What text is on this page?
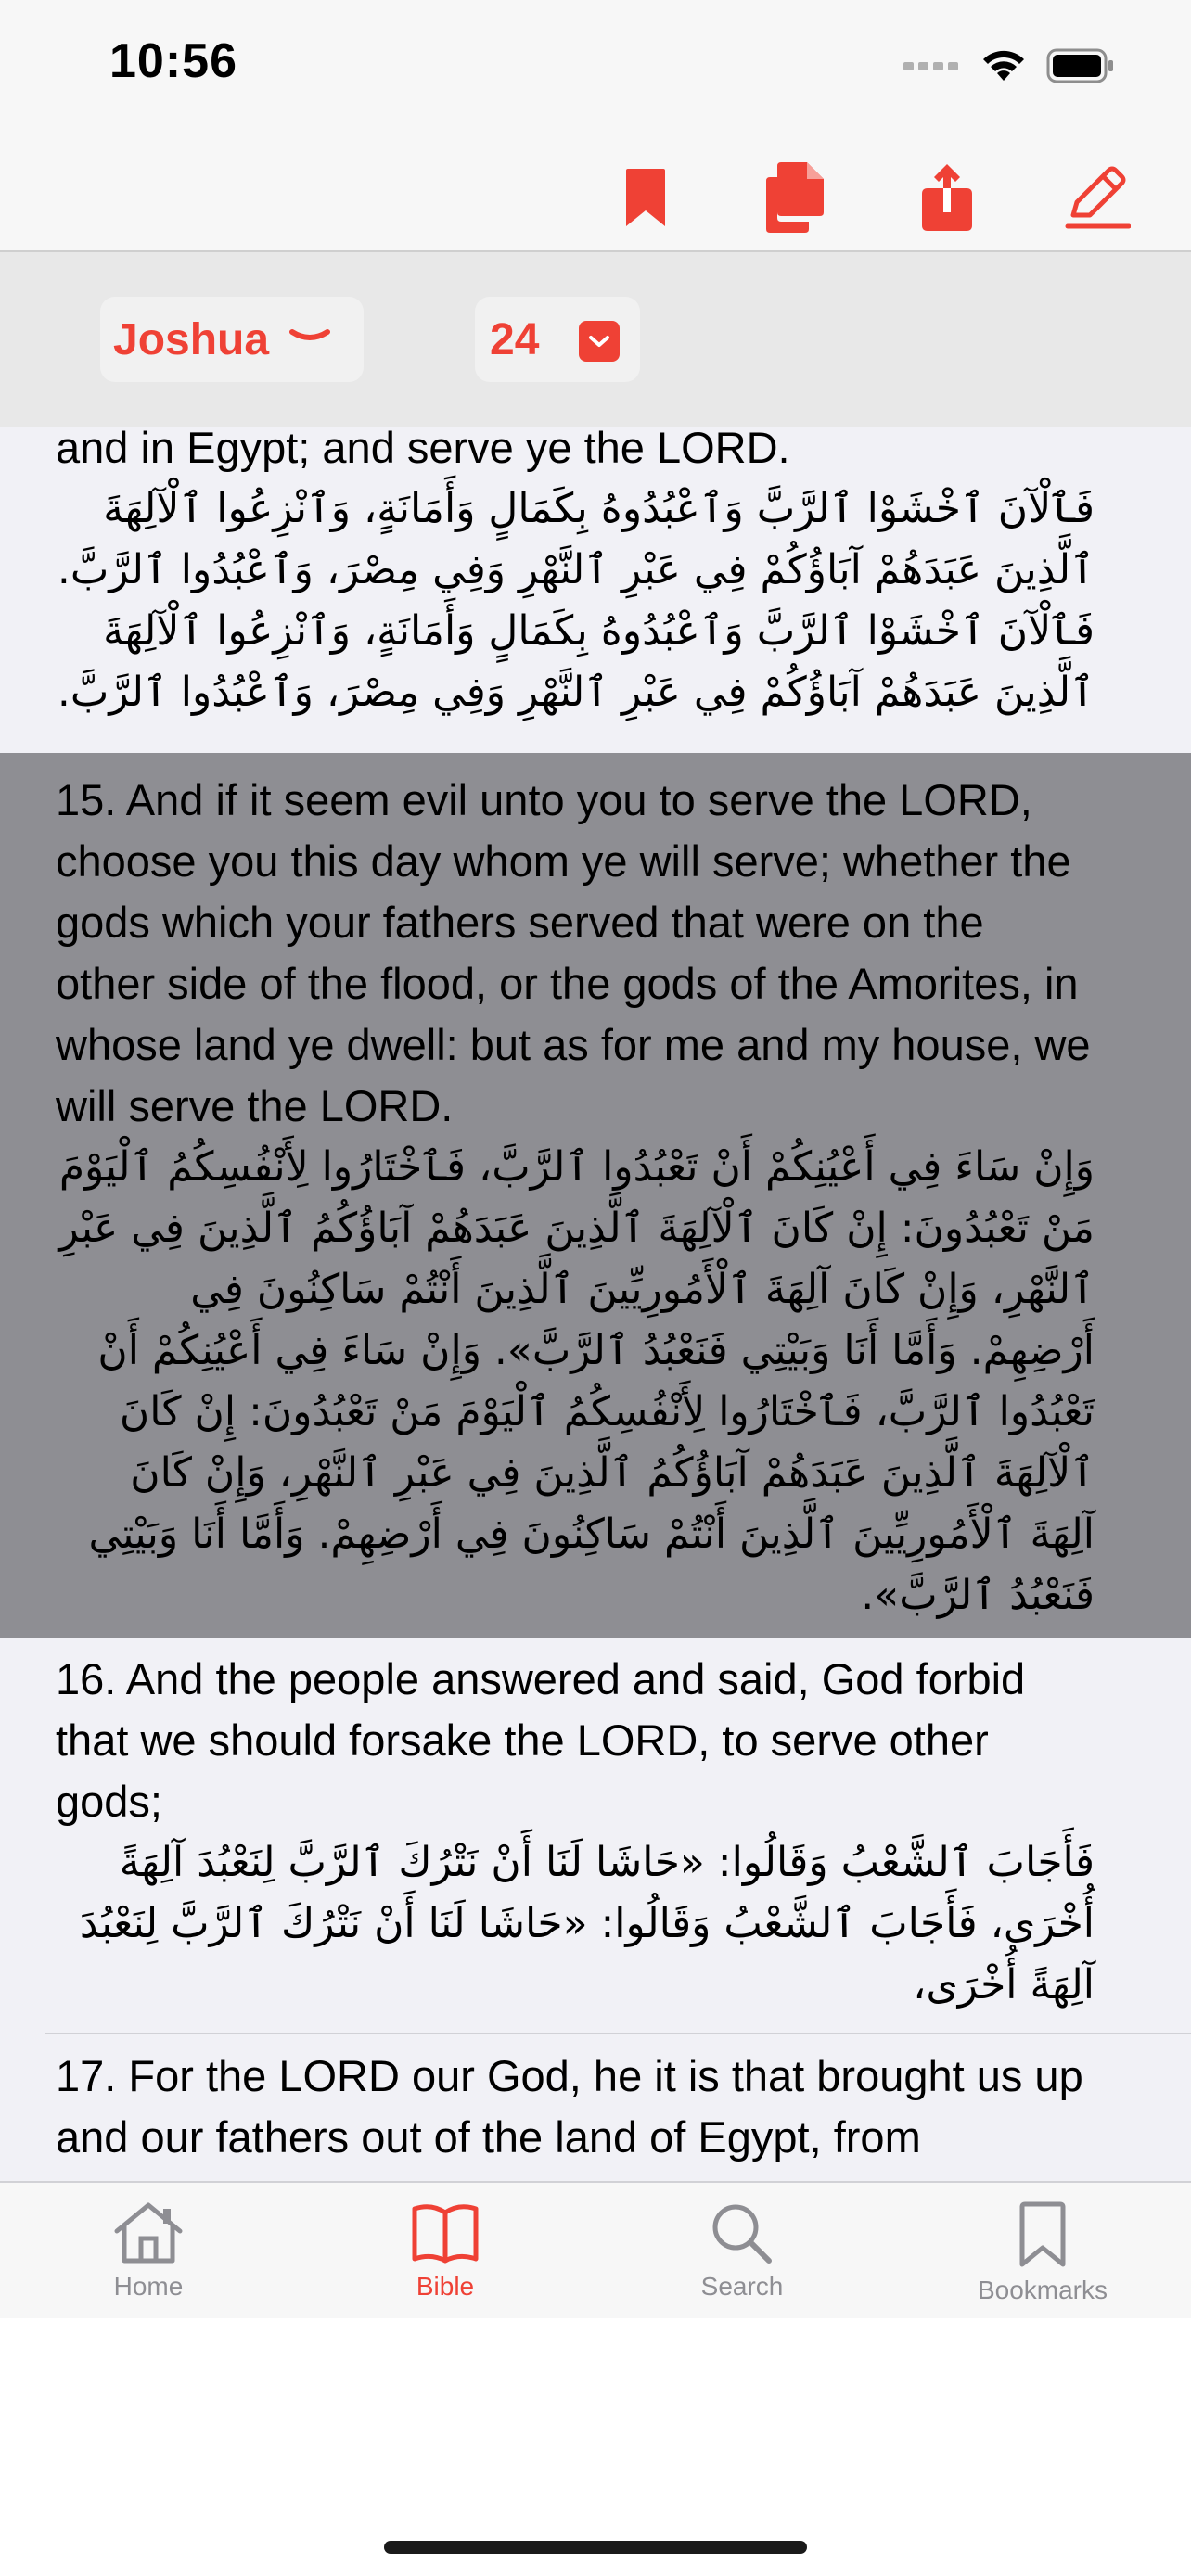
10:56
Joshua	24
and in Egypt; and serve ye the LORD.
فَٱلْآنَ ٱخْشَوْا ٱلرَّبَّ وَٱعْبُدُوهُ بِكَمَالٍ وَأَمَانَةٍ، وَٱنْزِعُوا ٱلْآلِهَةَ ٱلَّذِينَ عَبَدَهُمْ آبَاؤُكُمْ فِي عَبْرِ ٱلنَّهْرِ وَفِي مِصْرَ، وَٱعْبُدُوا ٱلرَّبَّ. فَٱلْآنَ ٱخْشَوْا ٱلرَّبَّ وَٱعْبُدُوهُ بِكَمَالٍ وَأَمَانَةٍ، وَٱنْزِعُوا ٱلْآلِهَةَ ٱلَّذِينَ عَبَدَهُمْ آبَاؤُكُمْ فِي عَبْرِ ٱلنَّهْرِ وَفِي مِصْرَ، وَٱعْبُدُوا ٱلرَّبَّ.
15. And if it seem evil unto you to serve the LORD, choose you this day whom ye will serve; whether the gods which your fathers served that were on the other side of the flood, or the gods of the Amorites, in whose land ye dwell: but as for me and my house, we will serve the LORD.
وَإِنْ سَاءَ فِي أَعْيُنِكُمْ أَنْ تَعْبُدُوا ٱلرَّبَّ، فَٱخْتَارُوا لِأَنْفُسِكُمُ ٱلْيَوْمَ مَنْ تَعْبُدُونَ: إِنْ كَانَ ٱلْآلِهَةَ ٱلَّذِينَ عَبَدَهُمْ آبَاؤُكُمُ ٱلَّذِينَ فِي عَبْرِ ٱلنَّهْرِ، وَإِنْ كَانَ آلِهَةَ ٱلْأَمُورِيِّينَ ٱلَّذِينَ أَنْتُمْ سَاكِنُونَ فِي أَرْضِهِمْ. وَأَمَّا أَنَا وَبَيْتِي فَنَعْبُدُ ٱلرَّبَّ». وَإِنْ سَاءَ فِي أَعْيُنِكُمْ أَنْ تَعْبُدُوا ٱلرَّبَّ، فَٱخْتَارُوا لِأَنْفُسِكُمُ ٱلْيَوْمَ مَنْ تَعْبُدُونَ: إِنْ كَانَ ٱلْآلِهَةَ ٱلَّذِينَ عَبَدَهُمْ آبَاؤُكُمُ ٱلَّذِينَ فِي عَبْرِ ٱلنَّهْرِ، وَإِنْ كَانَ آلِهَةَ ٱلْأَمُورِيِّينَ ٱلَّذِينَ أَنْتُمْ سَاكِنُونَ فِي أَرْضِهِمْ. وَأَمَّا أَنَا وَبَيْتِي فَنَعْبُدُ ٱلرَّبَّ».
16. And the people answered and said, God forbid that we should forsake the LORD, to serve other gods;
فَأَجَابَ ٱلشَّعْبُ وَقَالُوا: «حَاشَا لَنَا أَنْ نَتْرُكَ ٱلرَّبَّ لِنَعْبُدَ آلِهَةً أُخْرَى، فَأَجَابَ ٱلشَّعْبُ وَقَالُوا: «حَاشَا لَنَا أَنْ نَتْرُكَ ٱلرَّبَّ لِنَعْبُدَ آلِهَةً أُخْرَى،
17. For the LORD our God, he it is that brought us up and our fathers out of the land of Egypt, from
Home	Bible	Search	Bookmarks
